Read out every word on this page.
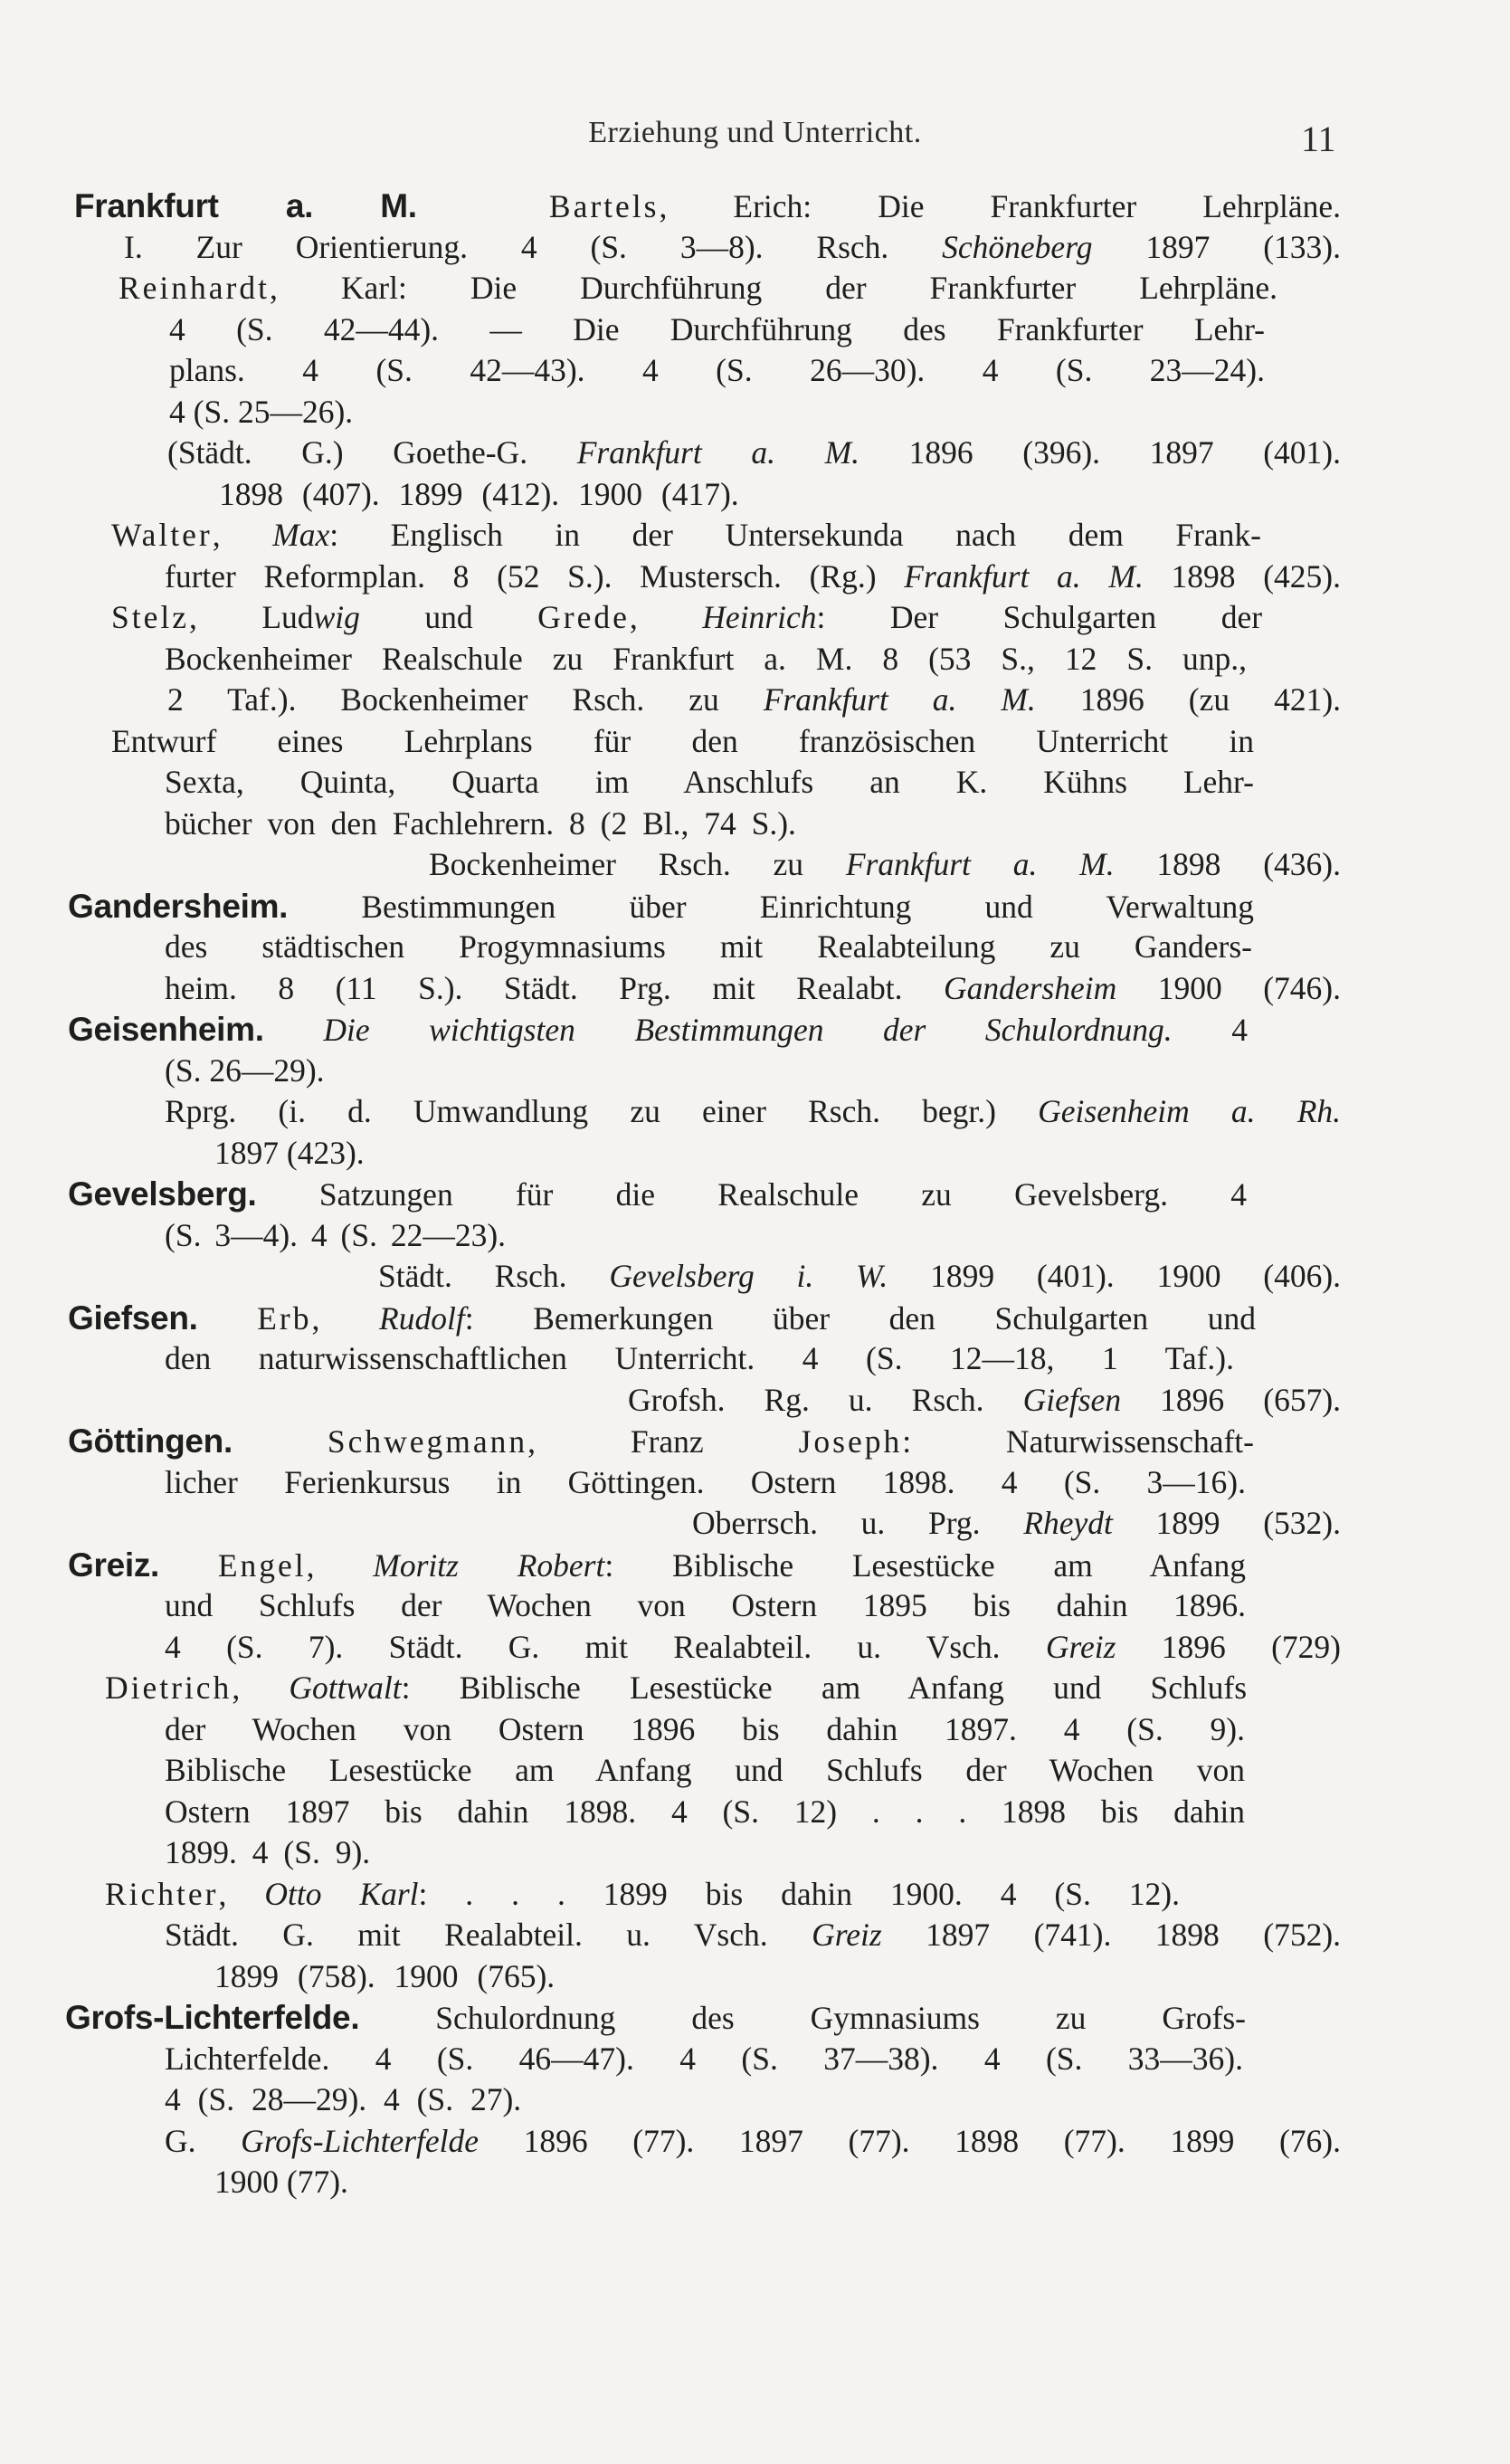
Erziehung und Unterricht.	11
Frankfurt a. M.	Bartels, Erich: Die Frankfurter Lehrpläne.
I. Zur Orientierung. 4 (S. 3—8). Rsch. Schöneberg 1897 (133).
Reinhardt, Karl: Die Durchführung der Frankfurter Lehrpläne.
4 (S. 42—44). — Die Durchführung des Frankfurter Lehr-
plans. 4 (S. 42—43). 4 (S. 26—30). 4 (S. 23—24).
4 (S. 25—26).
(Städt. G.) Goethe-G. Frankfurt a. M. 1896 (396). 1897 (401).
1898 (407). 1899 (412). 1900 (417).
Walter, Max: Englisch in der Untersekunda nach dem Frank-
furter Reformplan. 8 (52 S.). Mustersch. (Rg.) Frankfurt a. M. 1898 (425).
Stelz, Ludwig und Grede, Heinrich: Der Schulgarten der
Bockenheimer Realschule zu Frankfurt a. M. 8 (53 S., 12 S. unp.,
2 Taf.). Bockenheimer Rsch. zu Frankfurt a. M. 1896 (zu 421).
Entwurf eines Lehrplans für den französischen Unterricht in
Sexta, Quinta, Quarta im Anschlufs an K. Kühns Lehr-
bücher von den Fachlehrern. 8 (2 Bl., 74 S.).
Bockenheimer Rsch. zu Frankfurt a. M. 1898 (436).
Gandersheim. Bestimmungen über Einrichtung und Verwaltung
des städtischen Progymnasiums mit Realabteilung zu Ganders-
heim. 8 (11 S.). Städt. Prg. mit Realabt. Gandersheim 1900 (746).
Geisenheim. Die wichtigsten Bestimmungen der Schulordnung. 4
(S. 26—29).
Rprg. (i. d. Umwandlung zu einer Rsch. begr.) Geisenheim a. Rh.
1897 (423).
Gevelsberg. Satzungen für die Realschule zu Gevelsberg. 4
(S. 3—4). 4 (S. 22—23).
Städt. Rsch. Gevelsberg i. W. 1899 (401). 1900 (406).
Giefsen. Erb, Rudolf: Bemerkungen über den Schulgarten und
den naturwissenschaftlichen Unterricht. 4 (S. 12—18, 1 Taf.).
Grofsh. Rg. u. Rsch. Giefsen 1896 (657).
Göttingen.	Schwegmann, Franz Joseph: Naturwissenschaft-
licher Ferienkursus in Göttingen. Ostern 1898. 4 (S. 3—16).
Oberrsch. u. Prg. Rheydt 1899 (532).
Greiz. Engel, Moritz Robert: Biblische Lesestücke am Anfang
und Schlufs der Wochen von Ostern 1895 bis dahin 1896.
4 (S. 7). Städt. G. mit Realabteil. u. Vsch. Greiz 1896 (729)
Dietrich, Gottwalt: Biblische Lesestücke am Anfang und Schlufs
der Wochen von Ostern 1896 bis dahin 1897. 4 (S. 9).
Biblische Lesestücke am Anfang und Schlufs der Wochen von
Ostern 1897 bis dahin 1898. 4 (S. 12) . . . 1898 bis dahin
1899. 4 (S. 9).
Richter, Otto Karl: . . . 1899 bis dahin 1900. 4 (S. 12).
Städt. G. mit Realabteil. u. Vsch. Greiz 1897 (741). 1898 (752).
1899 (758). 1900 (765).
Grofs-Lichterfelde. Schulordnung des Gymnasiums zu Grofs-
Lichterfelde. 4 (S. 46—47). 4 (S. 37—38). 4 (S. 33—36).
4 (S. 28—29). 4 (S. 27).
G. Grofs-Lichterfelde 1896 (77). 1897 (77). 1898 (77). 1899 (76).
1900 (77).
